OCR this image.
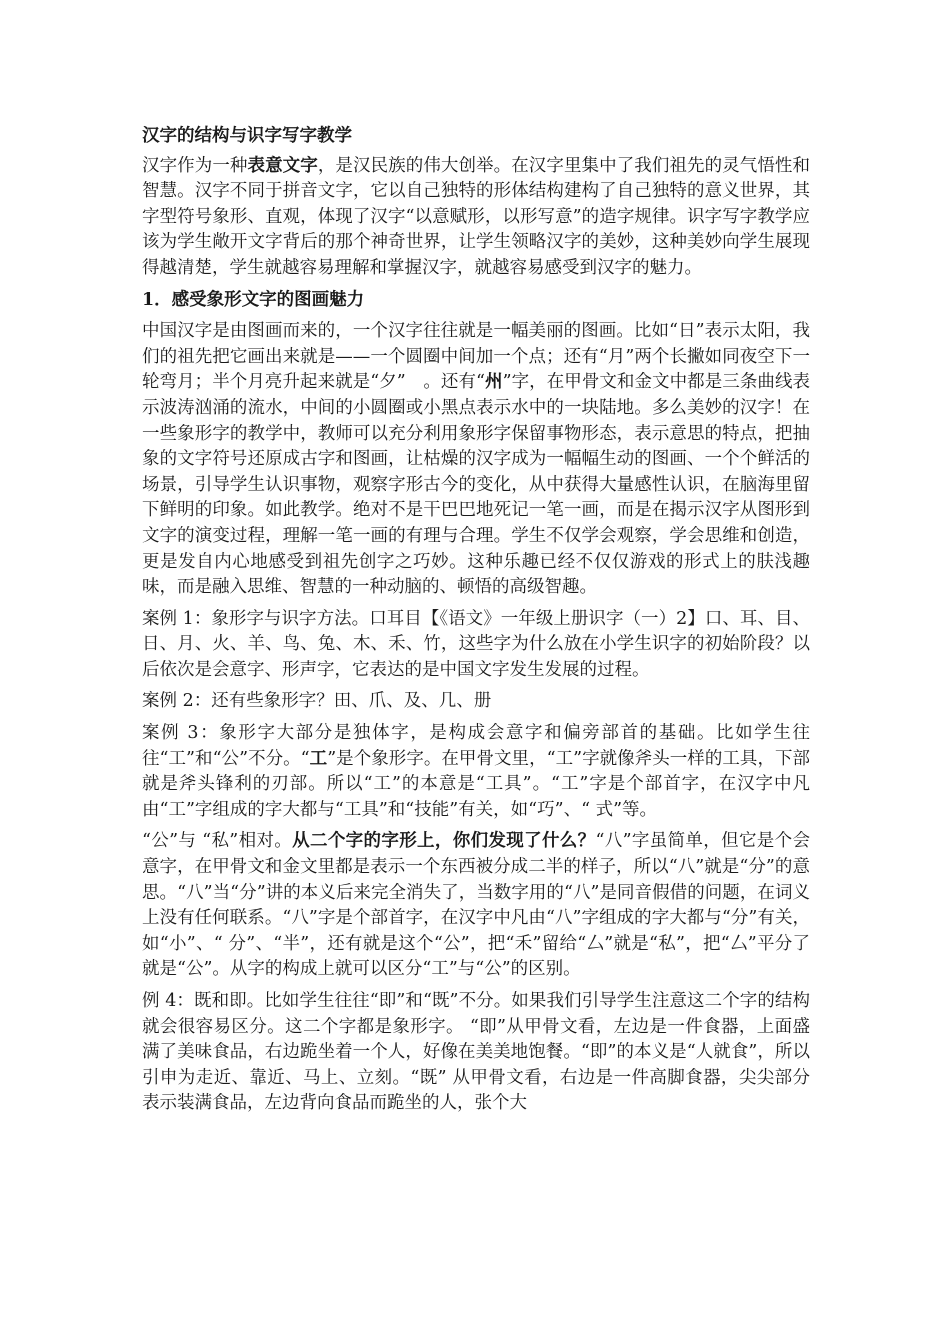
汉字的结构与识字写字教学

汉字作为一种表意文字，是汉民族的伟大创举。在汉字里集中了我们祖先的灵气悟性和智慧。汉字不同于拼音文字，它以自己独特的形体结构建构了自己独特的意义世界，其字型符号象形、直观，体现了汉字“以意赋形，以形写意”的造字规律。识字写字教学应该为学生敞开文字背后的那个神奇世界，让学生领略汉字的美妙，这种美妙向学生展现得越清楚，学生就越容易理解和掌握汉字，就越容易感受到汉字的魅力。

1．感受象形文字的图画魅力

中国汉字是由图画而来的，一个汉字往往就是一幅美丽的图画。比如“日”表示太阳，我们的祖先把它画出来就是——一个圆圈中间加一个点；还有“月”两个长撇如同夜空下一轮弯月；半个月亮升起来就是“夕”　。还有“州”字，在甲骨文和金文中都是三条曲线表示波涛汹涌的流水，中间的小圆圈或小黑点表示水中的一块陆地。多么美妙的汉字！在一些象形字的教学中，教师可以充分利用象形字保留事物形态，表示意思的特点，把抽象的文字符号还原成古字和图画，让枯燥的汉字成为一幅幅生动的图画、一个个鲜活的场景，引导学生认识事物，观察字形古今的变化，从中获得大量感性认识，在脑海里留下鲜明的印象。如此教学。绝对不是干巴巴地死记一笔一画，而是在揭示汉字从图形到文字的演变过程，理解一笔一画的有理与合理。学生不仅学会观察，学会思维和创造，更是发自内心地感受到祖先创字之巧妙。这种乐趣已经不仅仅游戏的形式上的肤浅趣味，而是融入思维、智慧的一种动脑的、顿悟的高级智趣。

案例 1：象形字与识字方法。口耳目【《语文》一年级上册识字（一）2】口、耳、目、日、月、火、羊、鸟、兔、木、禾、竹，这些字为什么放在小学生识字的初始阶段？以后依次是会意字、形声字，它表达的是中国文字发生发展的过程。

案例 2：还有些象形字？田、爪、及、几、册

案例 3：象形字大部分是独体字，是构成会意字和偏旁部首的基础。比如学生往往“工”和“公”不分。“工”是个象形字。在甲骨文里，“工”字就像斧头一样的工具，下部就是斧头锋利的刃部。所以“工”的本意是“工具”。“工”字是个部首字，在汉字中凡由“工”字组成的字大都与“工具”和“技能”有关，如“巧”、“ 式”等。

“公”与 “私”相对。从二个字的字形上，你们发现了什么？“八”字虽简单，但它是个会意字，在甲骨文和金文里都是表示一个东西被分成二半的样子，所以“八”就是“分”的意思。“八”当“分”讲的本义后来完全消失了，当数字用的“八”是同音假借的问题，在词义上没有任何联系。“八”字是个部首字，在汉字中凡由“八”字组成的字大都与“分”有关，如“小”、“ 分”、“半”，还有就是这个“公”，把“禾”留给“厶”就是“私”，把“厶”平分了就是“公”。从字的构成上就可以区分“工”与“公”的区别。

例 4：既和即。比如学生往往“即”和“既”不分。如果我们引导学生注意这二个字的结构就会很容易区分。这二个字都是象形字。 “即”从甲骨文看，左边是一件食器，上面盛满了美味食品，右边跪坐着一个人，好像在美美地饱餐。“即”的本义是“人就食”，所以引申为走近、靠近、马上、立刻。“既” 从甲骨文看，右边是一件高脚食器，尖尖部分表示装满食品，左边背向食品而跪坐的人，张个大
